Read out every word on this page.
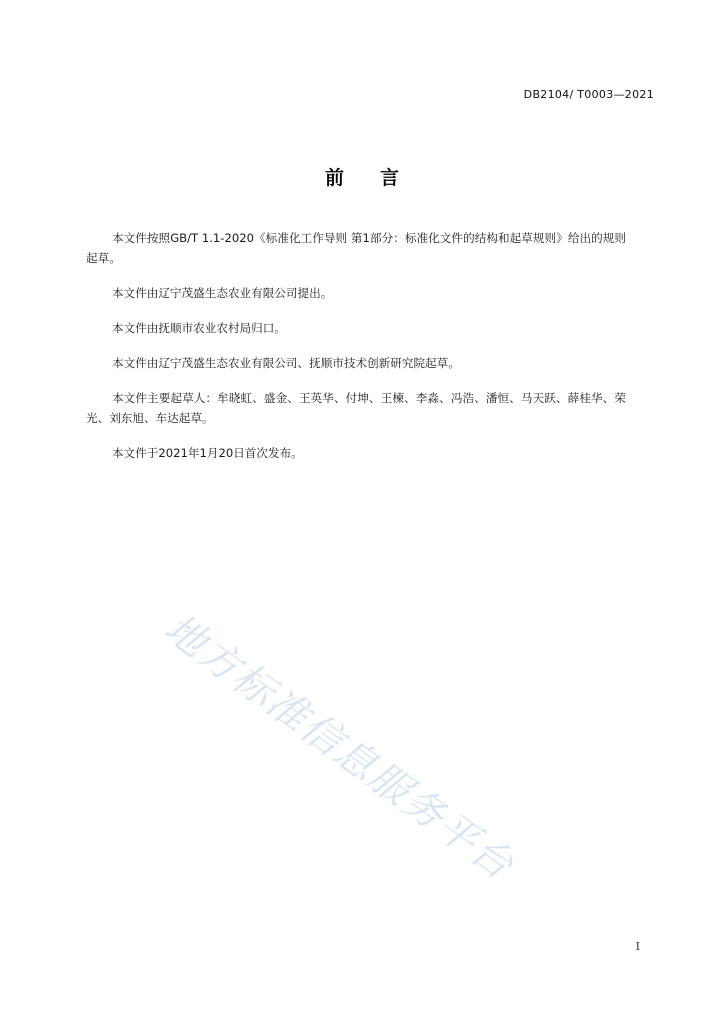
DB2104/ T0003—2021
前 言

本文件按照GB/T 1.1-2020《标准化工作导则 第1部分：标准化文件的结构和起草规则》给出的规则起草。

本文件由辽宁茂盛生态农业有限公司提出。

本文件由抚顺市农业农村局归口。

本文件由辽宁茂盛生态农业有限公司、抚顺市技术创新研究院起草。

本文件主要起草人：牟晓虹、盛金、王英华、付坤、王楝、李淼、冯浩、潘恒、马天跃、薛桂华、荣光、刘东旭、车达起草。

本文件于2021年1月20日首次发布。

地方标准信息服务平台
I
